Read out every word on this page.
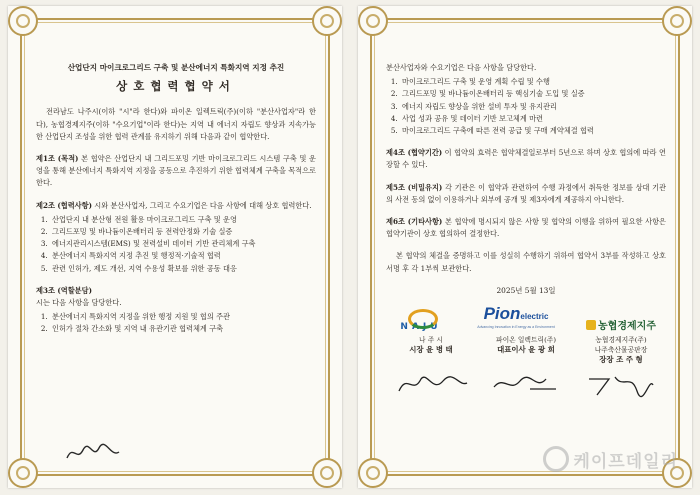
산업단지 마이크로그리드 구축 및 분산에너지 특화지역 지정 추진
상호협력협약서

전라남도 나주시(이하 "시"라 한다)와 파이온 일렉트릭(주)(이하 "분산사업자"라 한다), 농협경제지주(이하 "수요기업"이라 한다)는 지역 내 에너지 자립도 향상과 지속가능한 산업단지 조성을 위한 협력 관계를 유지하기 위해 다음과 같이 협약한다.

제1조 (목적) 본 협약은 산업단지 내 그리드포밍 기반 마이크로그리드 시스템 구축 및 운영을 통해 분산에너지 특화지역 지정을 공동으로 추진하기 위한 협력체계 구축을 목적으로 한다.

제2조 (협력사항) 시와 분산사업자, 그리고 수요기업은 다음 사항에 대해 상호 협력한다.

1. 산업단지 내 분산형 전원 활용 마이크로그리드 구축 및 운영
2. 그리드포밍 및 바나듐이온배터리 등 전력안정화 기술 실증
3. 에너지관리시스템(EMS) 및 전력설비 데이터 기반 관리체계 구축
4. 분산에너지 특화지역 지정 추진 및 행정적·기술적 협력
5. 관련 인허가, 제도 개선, 지역 수용성 확보를 위한 공동 대응

제3조 (역할분담)
시는 다음 사항을 담당한다.

1. 분산에너지 특화지역 지정을 위한 행정 지원 및 협의 주관
2. 인허가 절차 간소화 및 지역 내 유관기관 협력체계 구축

분산사업자와 수요기업은 다음 사항을 담당한다.

1. 마이크로그리드 구축 및 운영 계획 수립 및 수행
2. 그리드포밍 및 바나듐이온배터리 등 핵심기술 도입 및 실증
3. 에너지 자립도 향상을 위한 설비 투자 및 유지관리
4. 사업 성과 공유 및 데이터 기반 보고체계 마련
5. 마이크로그리드 구축에 따른 전력 공급 및 구매 계약체결 협력

제4조 (협약기간) 이 협약의 효력은 협약체결일로부터 5년으로 하며 상호 협의에 따라 연장할 수 있다.

제5조 (비밀유지) 각 기관은 이 협약과 관련하여 수행 과정에서 취득한 정보를 상대 기관의 사전 동의 없이 이용하거나 외부에 공개 및 제3자에게 제공하지 아니한다.

제6조 (기타사항) 본 협약에 명시되지 않은 사항 및 협약의 이행을 위하여 필요한 사항은 협약기관이 상호 협의하여 결정한다.

본 협약의 체결을 증명하고 이를 성실히 수행하기 위하여 협약서 3부를 작성하고 상호 서명 후 각 1부씩 보관한다.

2025년 5월 13일
NAJU
Pionelectric
Advancing Innovation in Energy as a Environment	농협경제지주
나 주 시
시장 윤 병 태
파이온 일렉트릭(주)
대표이사 윤 광 희
농협경제지주(주)
나주축산물공판장
장장 조 주 형
케이프데일리
